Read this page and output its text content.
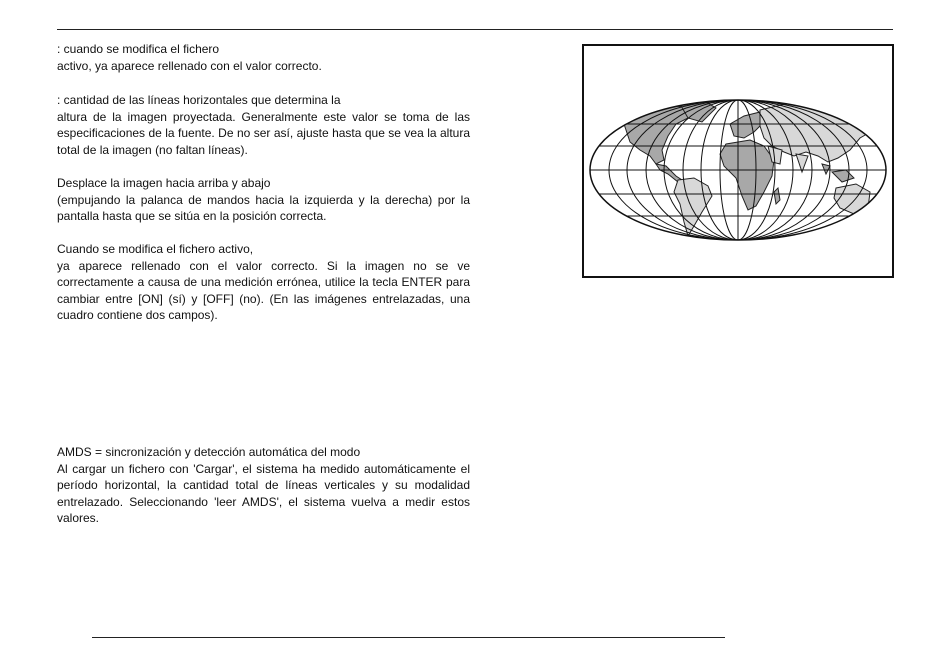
: cuando se modifica el fichero
activo, ya aparece rellenado con el valor correcto.

: cantidad de las líneas horizontales que determina la
altura de la imagen proyectada. Generalmente este valor se toma de las especificaciones de la fuente. De no ser así, ajuste hasta que se vea la altura total de la imagen (no faltan líneas).

Desplace la imagen hacia arriba y abajo
(empujando la palanca de mandos hacia la izquierda y la derecha) por la pantalla hasta que se sitúa en la posición correcta.

Cuando se modifica el fichero activo,
ya aparece rellenado con el valor correcto. Si la imagen no se ve correctamente a causa de una medición errónea, utilice la tecla ENTER para cambiar entre [ON] (sí) y [OFF] (no). (En las imágenes entrelazadas, una cuadro contiene dos campos).

AMDS = sincronización y detección automática del modo
Al cargar un fichero con 'Cargar', el sistema ha medido automáticamente el período horizontal, la cantidad total de líneas verticales y su modalidad entrelazado. Seleccionando 'leer AMDS', el sistema vuelva a medir estos valores.
